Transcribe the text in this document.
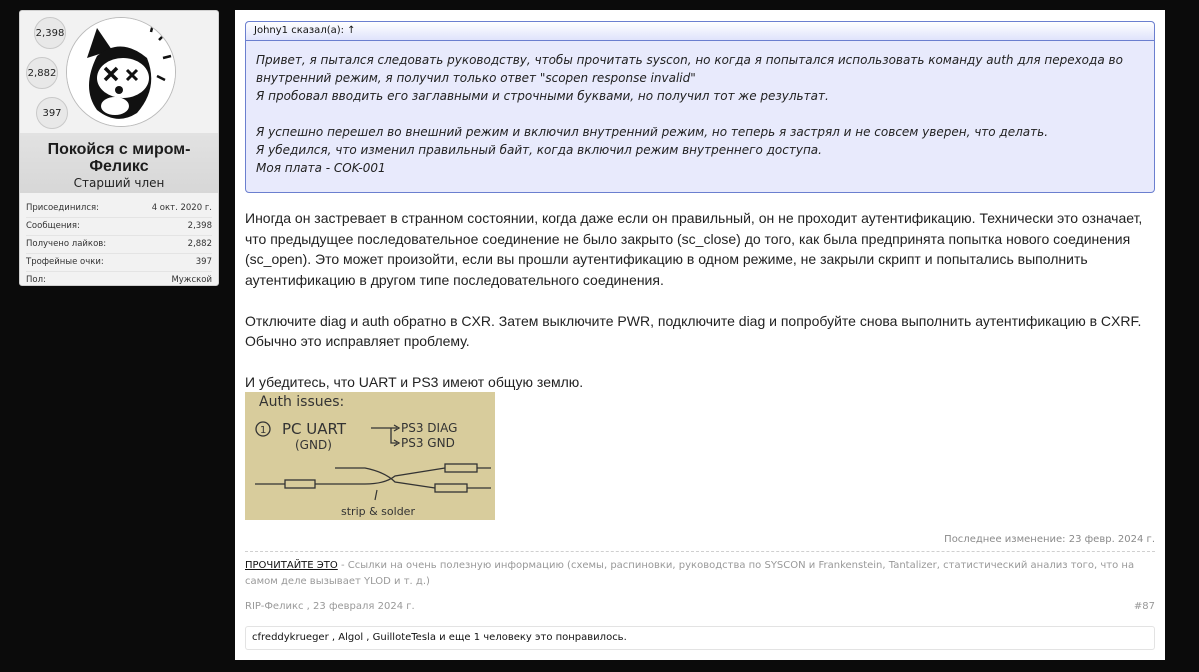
2,398
2,882
397
Покойся с миром- Феликс
Старший член
Присоединился:	4 окт. 2020 г.
Сообщения:	2,398
Получено лайков:	2,882
Трофейные очки:	397
Пол:	Мужской
Johny1 сказал(а): ↑

Привет, я пытался следовать руководству, чтобы прочитать syscon, но когда я попытался использовать команду auth для перехода во

внутренний режим, я получил только ответ "scopen response invalid"

Я пробовал вводить его заглавными и строчными буквами, но получил тот же результат.

Я успешно перешел во внешний режим и включил внутренний режим, но теперь я застрял и не совсем уверен, что делать.

Я убедился, что изменил правильный байт, когда включил режим внутреннего доступа.

Моя плата - COK-001

Иногда он застревает в странном состоянии, когда даже если он правильный, он не проходит аутентификацию. Технически это означает, что предыдущее последовательное соединение не было закрыто (sc_close) до того, как была предпринята попытка нового соединения (sc_open). Это может произойти, если вы прошли аутентификацию в одном режиме, не закрыли скрипт и попытались выполнить аутентификацию в другом типе последовательного соединения.

Отключите diag и auth обратно в CXR. Затем выключите PWR, подключите diag и попробуйте снова выполнить аутентификацию в CXRF. Обычно это исправляет проблему.

И убедитесь, что UART и PS3 имеют общую землю.

Auth issues:
1 PC UART
(GND)
PS3 DIAG
PS3 GND
strip & solder
Последнее изменение: 23 февр. 2024 г.
ПРОЧИТАЙТЕ ЭТО - Ссылки на очень полезную информацию (схемы, распиновки, руководства по SYSCON и Frankenstein, Tantalizer, статистический анализ того, что на самом деле вызывает YLOD и т. д.)
RIP-Феликс , 23 февраля 2024 г.	#87
cfreddykrueger , Algol , GuilloteTesla и еще 1 человеку это понравилось.
